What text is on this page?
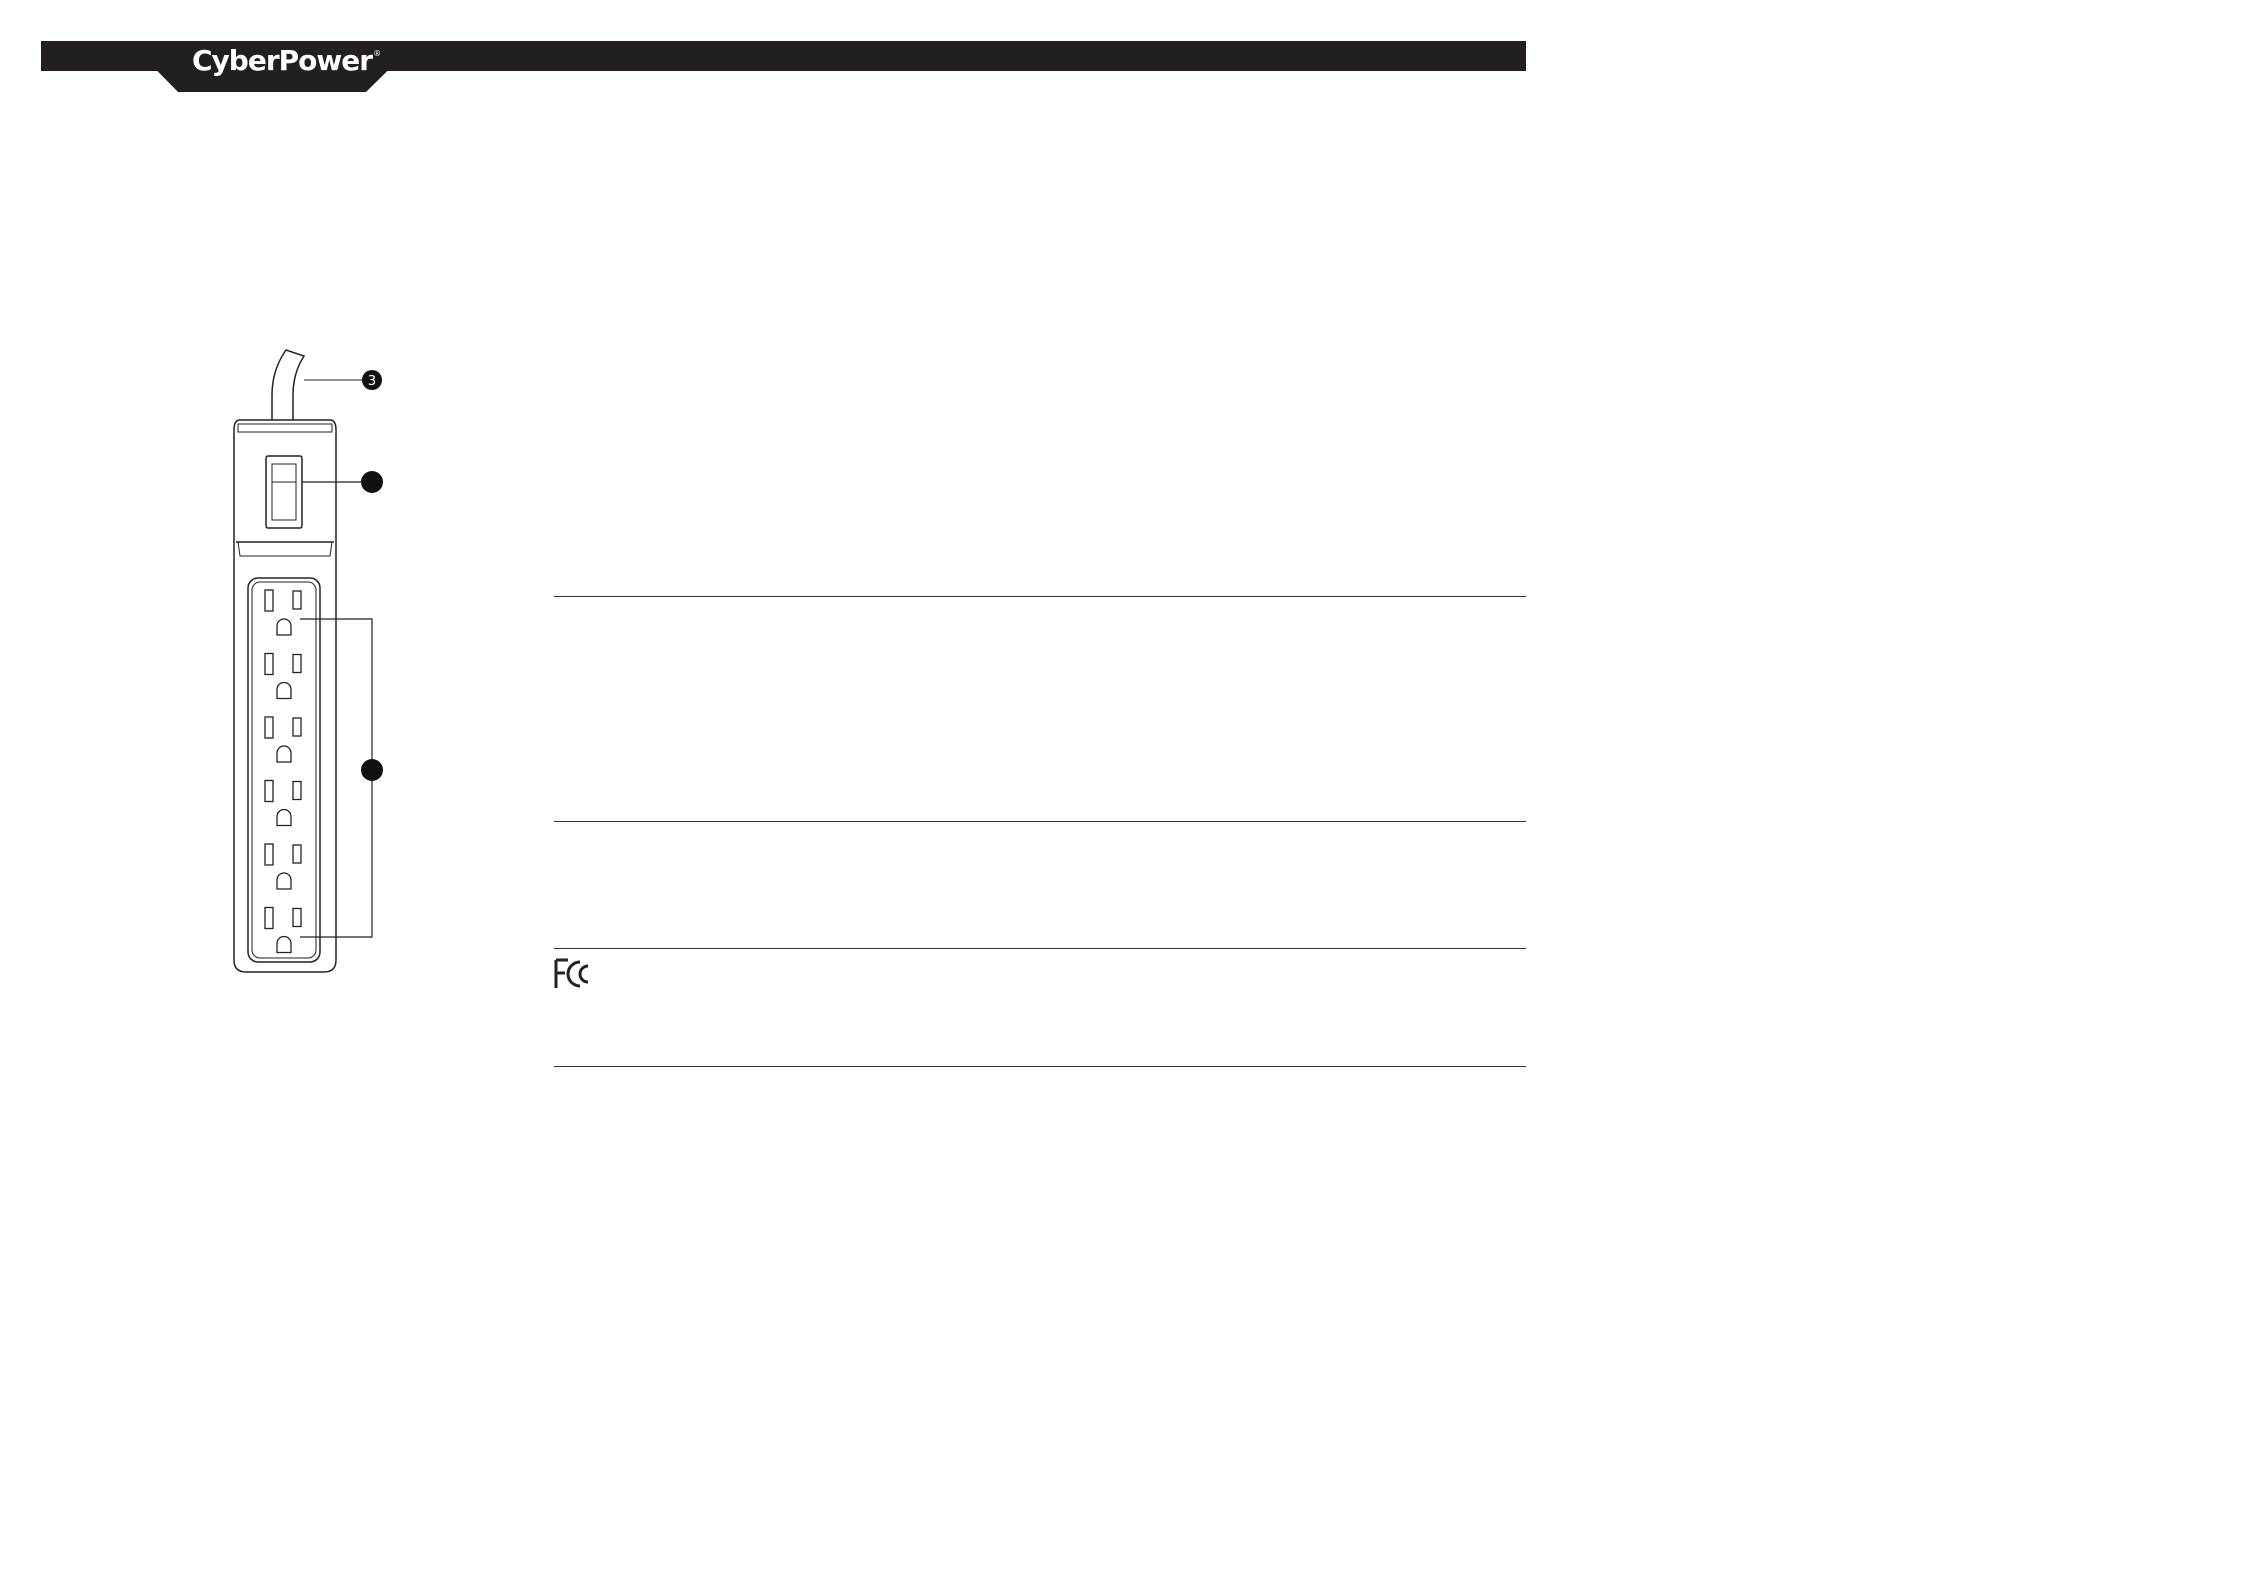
CyberPower®
3
